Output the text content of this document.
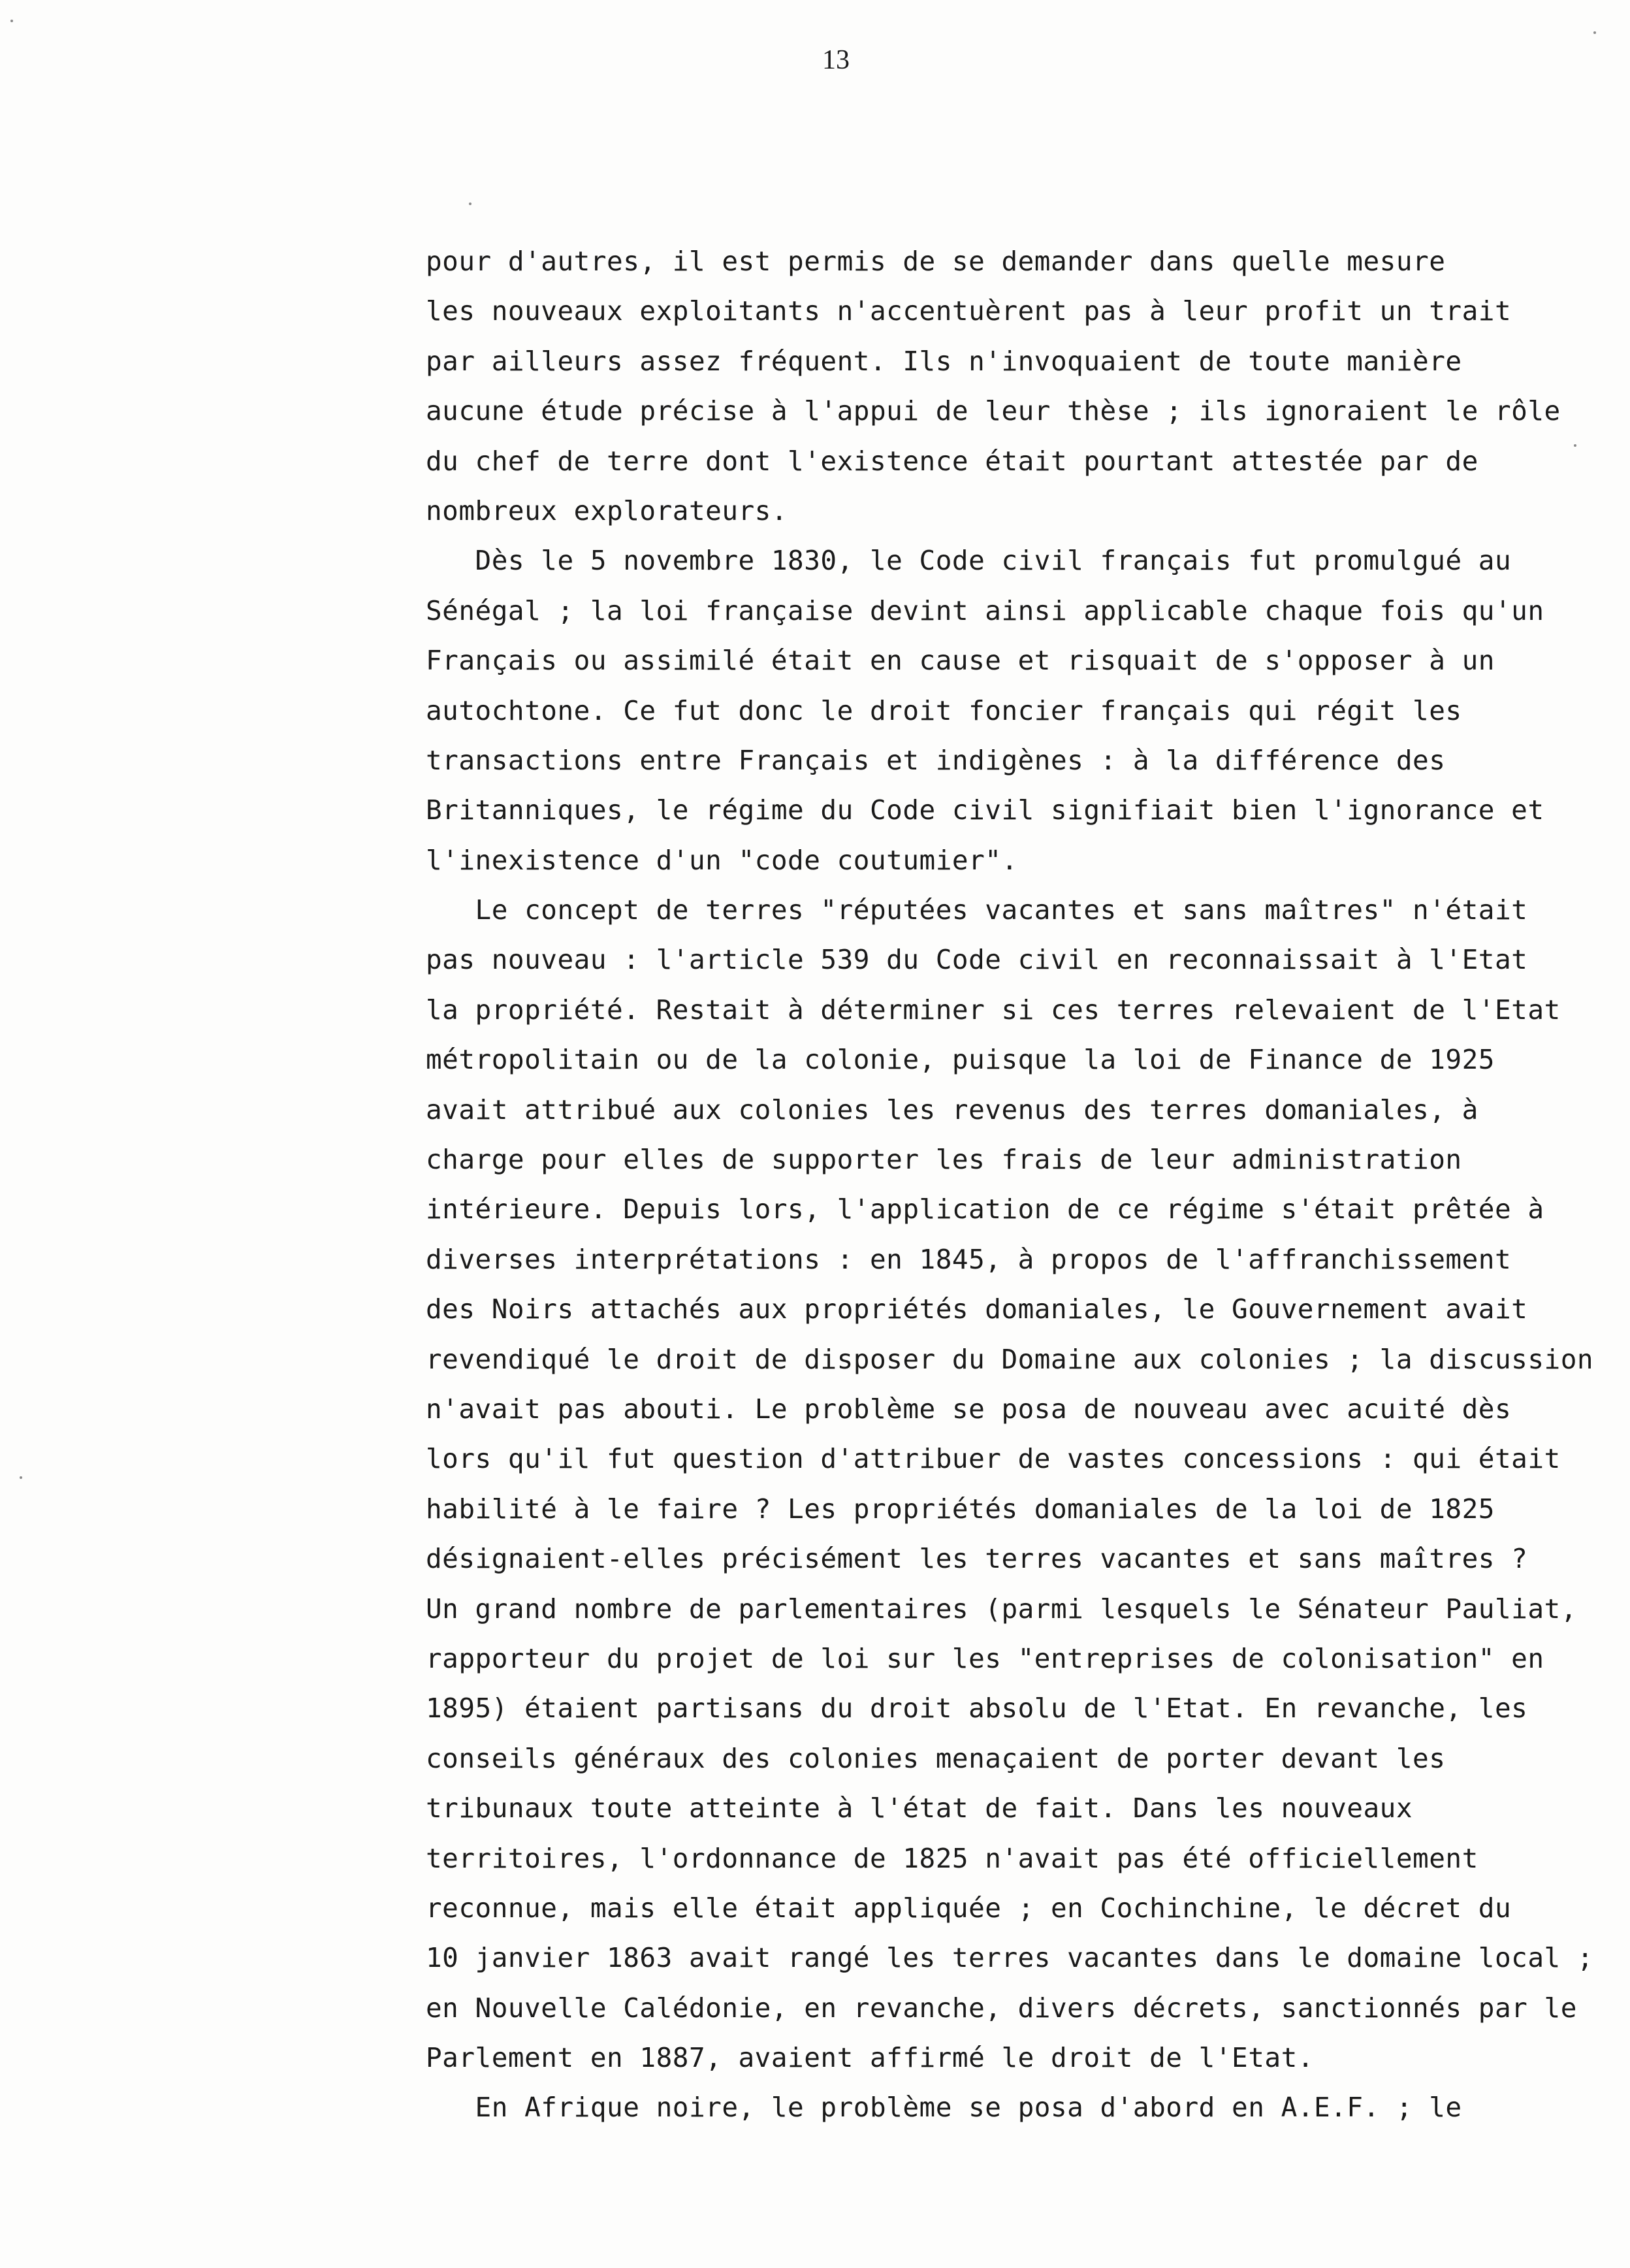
13
pour d'autres, il est permis de se demander dans quelle mesure
les nouveaux exploitants n'accentuèrent pas à leur profit un trait
par ailleurs assez fréquent. Ils n'invoquaient de toute manière
aucune étude précise à l'appui de leur thèse ; ils ignoraient le rôle
du chef de terre dont l'existence était pourtant attestée par de
nombreux explorateurs.
Dès le 5 novembre 1830, le Code civil français fut promulgué au
Sénégal ; la loi française devint ainsi applicable chaque fois qu'un
Français ou assimilé était en cause et risquait de s'opposer à un
autochtone. Ce fut donc le droit foncier français qui régit les
transactions entre Français et indigènes : à la différence des
Britanniques, le régime du Code civil signifiait bien l'ignorance et
l'inexistence d'un "code coutumier".
Le concept de terres "réputées vacantes et sans maîtres" n'était
pas nouveau : l'article 539 du Code civil en reconnaissait à l'Etat
la propriété. Restait à déterminer si ces terres relevaient de l'Etat
métropolitain ou de la colonie, puisque la loi de Finance de 1925
avait attribué aux colonies les revenus des terres domaniales, à
charge pour elles de supporter les frais de leur administration
intérieure. Depuis lors, l'application de ce régime s'était prêtée à
diverses interprétations : en 1845, à propos de l'affranchissement
des Noirs attachés aux propriétés domaniales, le Gouvernement avait
revendiqué le droit de disposer du Domaine aux colonies ; la discussion
n'avait pas abouti. Le problème se posa de nouveau avec acuité dès
lors qu'il fut question d'attribuer de vastes concessions : qui était
habilité à le faire ? Les propriétés domaniales de la loi de 1825
désignaient-elles précisément les terres vacantes et sans maîtres ?
Un grand nombre de parlementaires (parmi lesquels le Sénateur Pauliat,
rapporteur du projet de loi sur les "entreprises de colonisation" en
1895) étaient partisans du droit absolu de l'Etat. En revanche, les
conseils généraux des colonies menaçaient de porter devant les
tribunaux toute atteinte à l'état de fait. Dans les nouveaux
territoires, l'ordonnance de 1825 n'avait pas été officiellement
reconnue, mais elle était appliquée ; en Cochinchine, le décret du
10 janvier 1863 avait rangé les terres vacantes dans le domaine local ;
en Nouvelle Calédonie, en revanche, divers décrets, sanctionnés par le
Parlement en 1887, avaient affirmé le droit de l'Etat.
En Afrique noire, le problème se posa d'abord en A.E.F. ; le
